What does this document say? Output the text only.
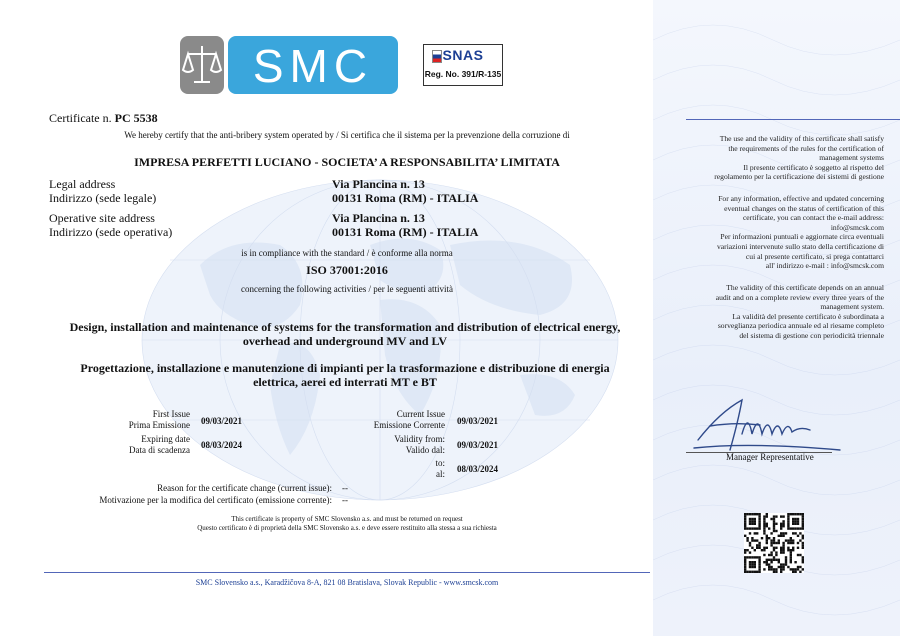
SMC	SNAS
Reg. No. 391/R-135
Certificate n. PC 5538
We hereby certify that the anti-bribery system operated by / Si certifica che il sistema per la prevenzione della corruzione di
IMPRESA PERFETTI LUCIANO - SOCIETA’ A RESPONSABILITA’ LIMITATA
Legal address
Indirizzo (sede legale)
Via Plancina n. 13
00131 Roma (RM) - ITALIA
Operative site address
Indirizzo (sede operativa)
Via Plancina n. 13
00131 Roma (RM) - ITALIA
is in compliance with the standard / è conforme alla norma
ISO 37001:2016
concerning the following activities / per le seguenti attività
Design, installation and maintenance of systems for the transformation and distribution of electrical energy,
overhead and underground MV and LV
Progettazione, installazione e manutenzione di impianti per la trasformazione e distribuzione di energia
elettrica, aerei ed interrati MT e BT
First Issue
Prima Emissione 09/03/2021
Expiring date
Data di scadenza 08/03/2024
Current Issue
Emissione Corrente 09/03/2021
Validity from:
Valido dal: 09/03/2021
to:
al: 08/03/2024
Reason for the certificate change (current issue): --
Motivazione per la modifica del certificato (emissione corrente): --
This certificate is property of SMC Slovensko a.s. and must be returned on request
Questo certificato è di proprietà della SMC Slovensko a.s. e deve essere restituito alla stessa a sua richiesta
SMC Slovensko a.s., Karadžičova 8-A, 821 08 Bratislava, Slovak Republic - www.smcsk.com
The use and the validity of this certificate shall satisfy
the requirements of the rules for the certification of
management systems
Il presente certificato è soggetto al rispetto del
regolamento per la certificazione dei sistemi di gestione
For any information, effective and updated concerning
eventual changes on the status of certification of this
certificate, you can contact the e-mail address:
info@smcsk.com
Per informazioni puntuali e aggiornate circa eventuali
variazioni intervenute sullo stato della certificazione di
cui al presente certificato, si prega contattarci
all' indirizzo e-mail : info@smcsk.com
The validity of this certificate depends on an annual
audit and on a complete review every three years of the
management system.
La validità del presente certificato è subordinata a
sorveglianza periodica annuale ed al riesame completo
del sistema di gestione con periodicità triennale
Manager Representative
